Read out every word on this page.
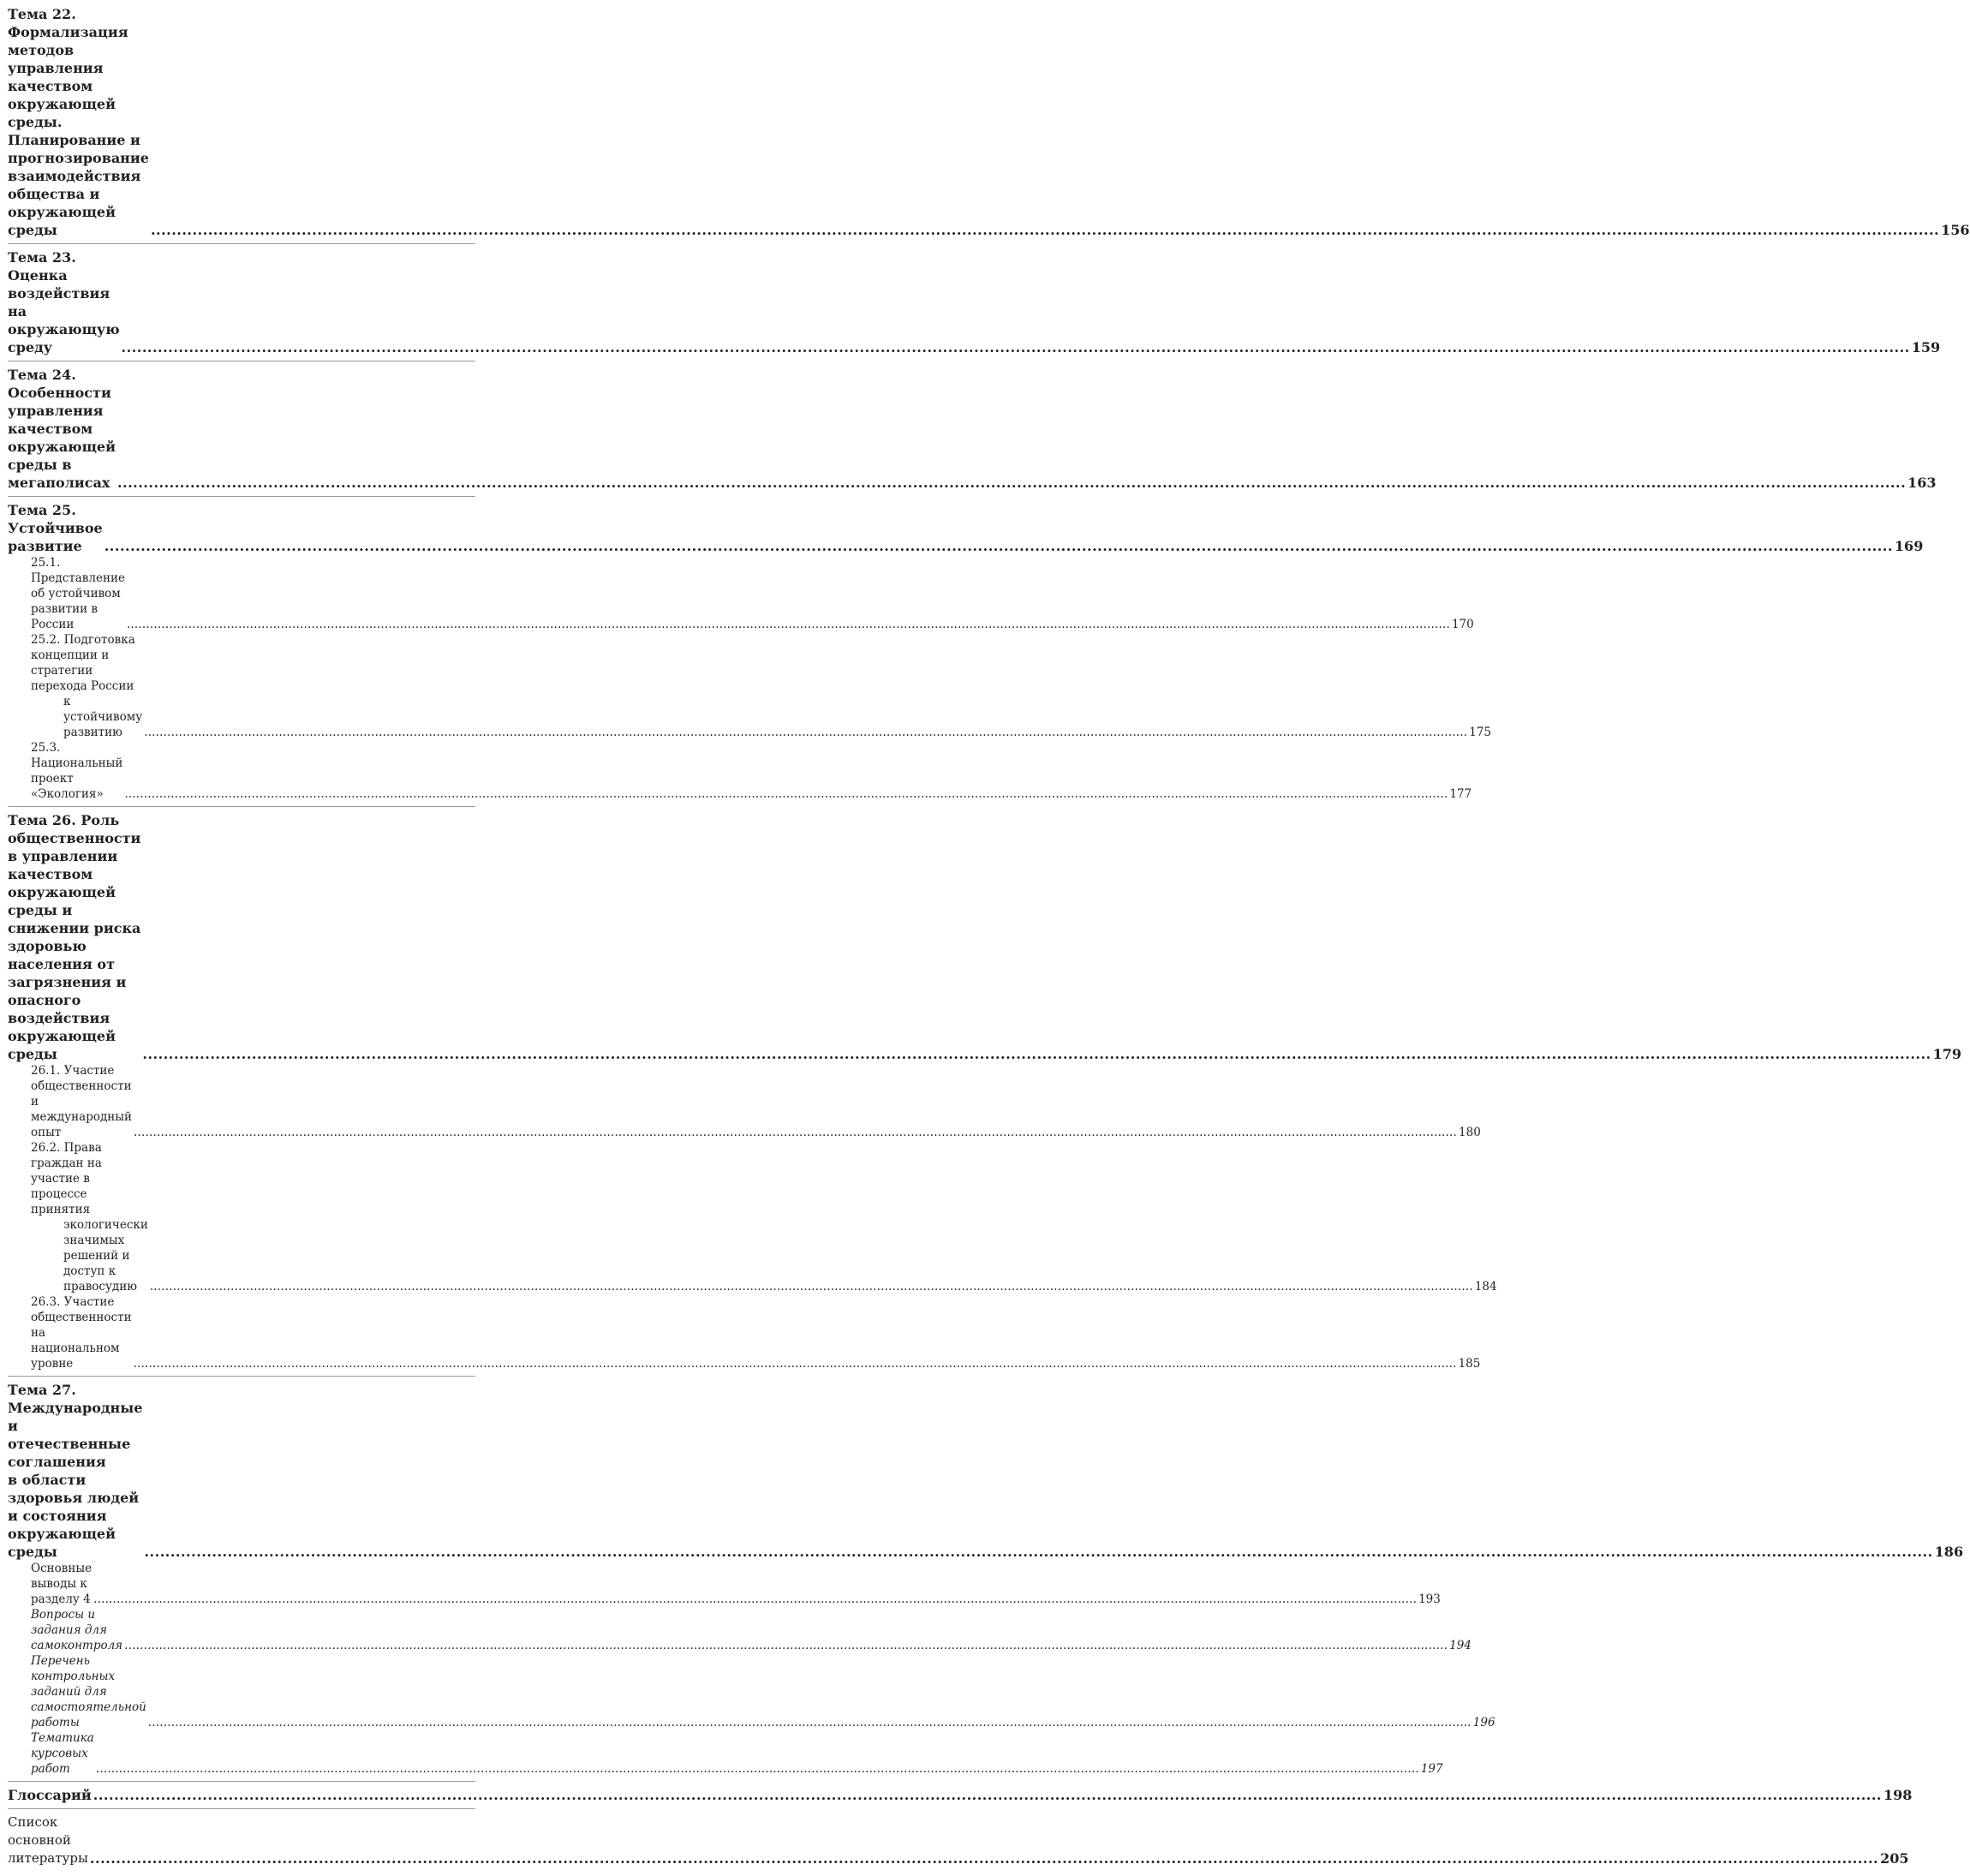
Тема 22. Формализация методов управления качеством
окружающей среды. Планирование и прогнозирование
взаимодействия общества и окружающей среды .....	156
Тема 23. Оценка воздействия на окружающую среду .....	159
Тема 24. Особенности управления качеством окружающей
среды в мегаполисах .....	163
Тема 25. Устойчивое развитие .....	169
25.1. Представление об устойчивом развитии в России .....	170
25.2. Подготовка концепции и стратегии перехода России
к устойчивому развитию .....	175
25.3. Национальный проект «Экология» .....	177
Тема 26. Роль общественности в управлении качеством
окружающей среды и снижении риска здоровью
населения от загрязнения и опасного воздействия
окружающей среды .....	179
26.1. Участие общественности и международный опыт .....	180
26.2. Права граждан на участие в процессе принятия
экологически значимых решений и доступ к правосудию .....	184
26.3. Участие общественности на национальном уровне .....	185
Тема 27. Международные и отечественные соглашения
в области здоровья людей и состояния окружающей среды .....	186
Основные выводы к разделу 4 .....	193
Вопросы и задания для самоконтроля .....	194
Перечень контрольных заданий для самостоятельной работы .....	196
Тематика курсовых работ .....	197
Глоссарий .....	198
Список основной литературы .....	205
